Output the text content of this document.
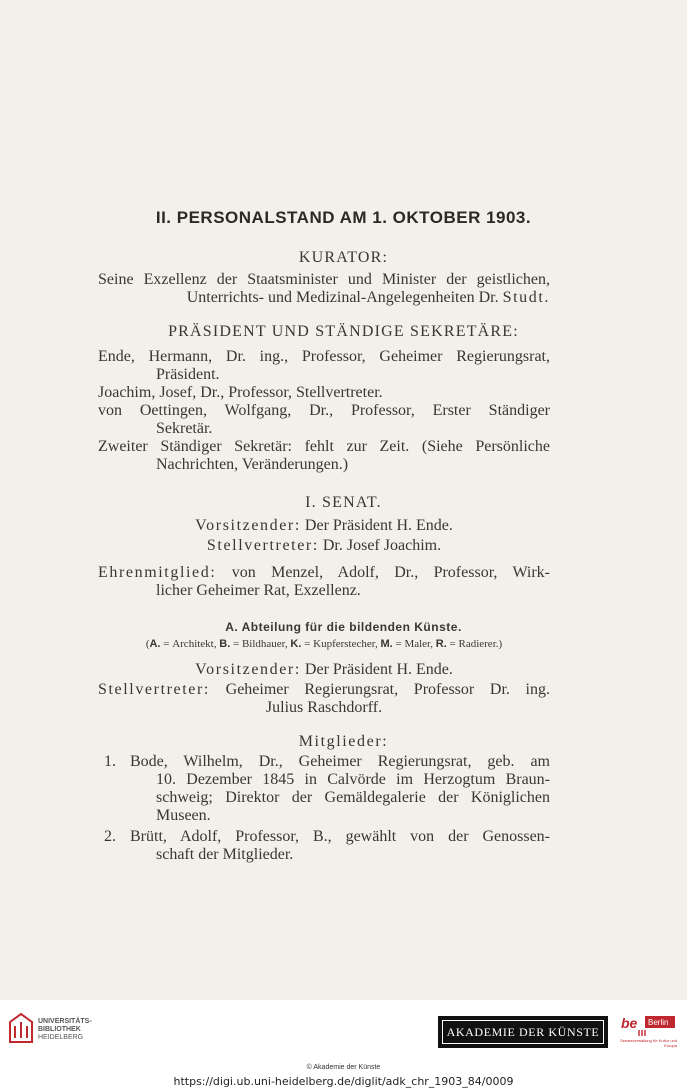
II. PERSONALSTAND AM 1. OKTOBER 1903.
KURATOR:
Seine Exzellenz der Staatsminister und Minister der geistlichen,
Unterrichts- und Medizinal-Angelegenheiten Dr. Studt.
PRÄSIDENT UND STÄNDIGE SEKRETÄRE:
Ende, Hermann, Dr. ing., Professor, Geheimer Regierungsrat,
Präsident.
Joachim, Josef, Dr., Professor, Stellvertreter.
von Oettingen, Wolfgang, Dr., Professor, Erster Ständiger
Sekretär.
Zweiter Ständiger Sekretär: fehlt zur Zeit. (Siehe Persönliche
Nachrichten, Veränderungen.)
I. SENAT.
Vorsitzender: Der Präsident H. Ende.
Stellvertreter: Dr. Josef Joachim.
Ehrenmitglied: von Menzel, Adolf, Dr., Professor, Wirk-
licher Geheimer Rat, Exzellenz.
A. Abteilung für die bildenden Künste.
(A. = Architekt, B. = Bildhauer, K. = Kupferstecher, M. = Maler, R. = Radierer.)
Vorsitzender: Der Präsident H. Ende.
Stellvertreter: Geheimer Regierungsrat, Professor Dr. ing.
Julius Raschdorff.
Mitglieder:
1. Bode, Wilhelm, Dr., Geheimer Regierungsrat, geb. am
10. Dezember 1845 in Calvörde im Herzogtum Braun-
schweig; Direktor der Gemäldegalerie der Königlichen
Museen.
2. Brütt, Adolf, Professor, B., gewählt von der Genossen-
schaft der Mitglieder.
UNIVERSITÄTS-
BIBLIOTHEK
HEIDELBERG	AKADEMIE DER KÜNSTE
be Berlin
Senatsverwaltung für Kultur und Europa
© Akademie der Künste
https://digi.ub.uni-heidelberg.de/diglit/adk_chr_1903_84/0009
